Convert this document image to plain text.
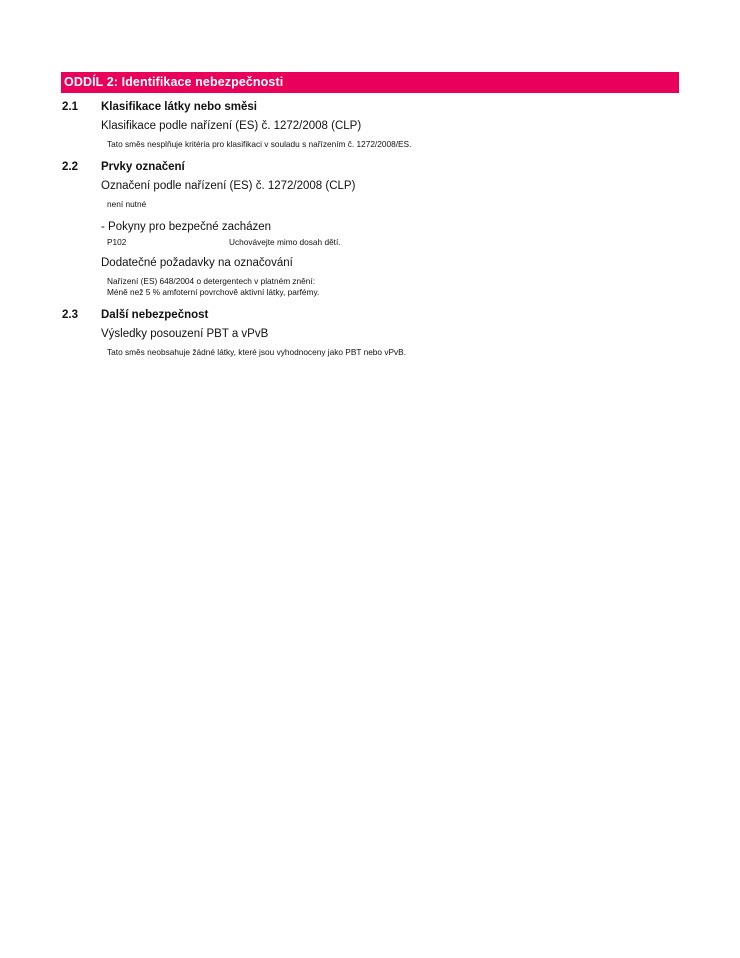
ODDÍL 2: Identifikace nebezpečnosti
2.1 Klasifikace látky nebo směsi
Klasifikace podle nařízení (ES) č. 1272/2008 (CLP)
Tato směs nesplňuje kritéria pro klasifikaci v souladu s nařízením č. 1272/2008/ES.
2.2 Prvky označení
Označení podle nařízení (ES) č. 1272/2008 (CLP)
není nutné
- Pokyny pro bezpečné zacházen
P102	Uchovávejte mimo dosah dětí.
Dodatečné požadavky na označování
Nařízení (ES) 648/2004 o detergentech v platném znění:
Méně než 5 % amfoterní povrchově aktivní látky, parfémy.
2.3 Další nebezpečnost
Výsledky posouzení PBT a vPvB
Tato směs neobsahuje žádné látky, které jsou vyhodnoceny jako PBT nebo vPvB.
